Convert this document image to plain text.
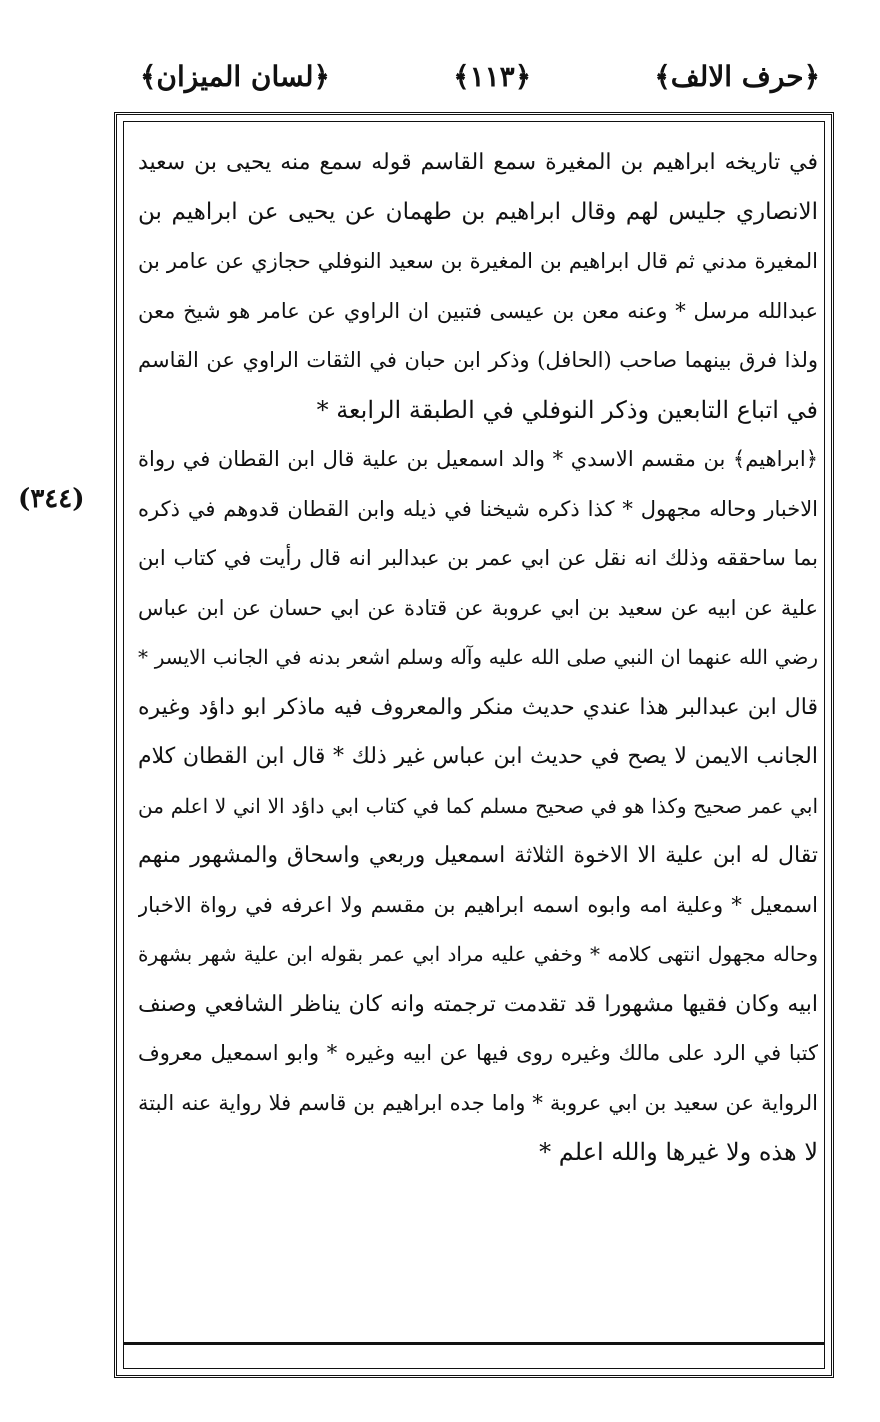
﴿حرف الالف﴾
﴿١١٣﴾
﴿لسان الميزان﴾
(٣٤٤)
في تاريخه ابراهيم بن المغيرة سمع القاسم قوله سمع منه يحيى بن سعيد
الانصاري جليس لهم وقال ابراهيم بن طهمان عن يحيى عن ابراهيم بن
المغيرة مدني ثم قال ابراهيم بن المغيرة بن سعيد النوفلي حجازي عن عامر بن
عبدالله مرسل * وعنه معن بن عيسى فتبين ان الراوي عن عامر هو شيخ معن
ولذا فرق بينهما صاحب (الحافل) وذكر ابن حبان في الثقات الراوي عن القاسم
في اتباع التابعين وذكر النوفلي في الطبقة الرابعة *
﴿ابراهيم﴾ بن مقسم الاسدي * والد اسمعيل بن علية قال ابن القطان في رواة
الاخبار وحاله مجهول * كذا ذكره شيخنا في ذيله وابن القطان قدوهم في ذكره
بما ساحققه وذلك انه نقل عن ابي عمر بن عبدالبر انه قال رأيت في كتاب ابن
علية عن ابيه عن سعيد بن ابي عروبة عن قتادة عن ابي حسان عن ابن عباس
رضي الله عنهما ان النبي صلى الله عليه وآله وسلم اشعر بدنه في الجانب الايسر *
قال ابن عبدالبر هذا عندي حديث منكر والمعروف فيه ماذكر ابو داؤد وغيره
الجانب الايمن لا يصح في حديث ابن عباس غير ذلك * قال ابن القطان كلام
ابي عمر صحيح وكذا هو في صحيح مسلم كما في كتاب ابي داؤد الا اني لا اعلم من
تقال له ابن علية الا الاخوة الثلاثة اسمعيل وربعي واسحاق والمشهور منهم
اسمعيل * وعلية امه وابوه اسمه ابراهيم بن مقسم ولا اعرفه في رواة الاخبار
وحاله مجهول انتهى كلامه * وخفي عليه مراد ابي عمر بقوله ابن علية شهر بشهرة
ابيه وكان فقيها مشهورا قد تقدمت ترجمته وانه كان يناظر الشافعي وصنف
كتبا في الرد على مالك وغيره روى فيها عن ابيه وغيره * وابو اسمعيل معروف
الرواية عن سعيد بن ابي عروبة * واما جده ابراهيم بن قاسم فلا رواية عنه البتة
لا هذه ولا غيرها والله اعلم *
